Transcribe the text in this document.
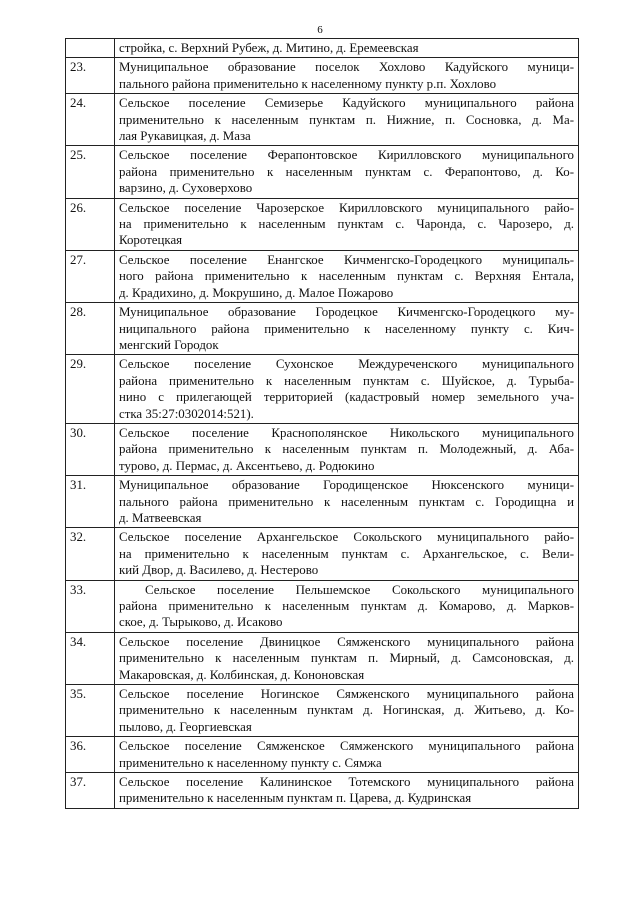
6

	стройка, с. Верхний Рубеж, д. Митино, д. Еремеевская

23.	Муниципальное образование поселок Хохлово Кадуйского муници-
пального района применительно к населенному пункту р.п. Хохлово

24.	Сельское поселение Семизерье Кадуйского муниципального района
применительно к населенным пунктам п. Нижние, п. Сосновка, д. Ма-
лая Рукавицкая, д. Маза

25.	Сельское поселение Ферапонтовское Кирилловского муниципального
района применительно к населенным пунктам с. Ферапонтово, д. Ко-
варзино, д. Суховерхово

26.	Сельское поселение Чарозерское Кирилловского муниципального райо-
на применительно к населенным пунктам с. Чаронда, с. Чарозеро, д.
Коротецкая

27.	Сельское поселение Енангское Кичменгско-Городецкого муниципаль-
ного района применительно к населенным пунктам с. Верхняя Ентала,
д. Крадихино, д. Мокрушино, д. Малое Пожарово

28.	Муниципальное образование Городецкое Кичменгско-Городецкого му-
ниципального района применительно к населенному пункту с. Кич-
менгский Городок

29.	Сельское поселение Сухонское Междуреченского муниципального
района применительно к населенным пунктам с. Шуйское, д. Турыба-
нино с прилегающей территорией (кадастровый номер земельного уча-
стка 35:27:0302014:521).

30.	Сельское поселение Краснополянское Никольского муниципального
района применительно к населенным пунктам п. Молодежный, д. Аба-
турово, д. Пермас, д. Аксентьево, д. Родюкино

31.	Муниципальное образование Городищенское Нюксенского муници-
пального района применительно к населенным пунктам с. Городищна и
д. Матвеевская

32.	Сельское поселение Архангельское Сокольского муниципального райо-
на применительно к населенным пунктам с. Архангельское, с. Вели-
кий Двор, д. Василево, д. Нестерово

33.	Сельское поселение Пельшемское Сокольского муниципального
района применительно к населенным пунктам д. Комарово, д. Марков-
ское, д. Тырыково, д. Исаково

34.	Сельское поселение Двиницкое Сямженского муниципального района
применительно к населенным пунктам п. Мирный, д. Самсоновская, д.
Макаровская, д. Колбинская, д. Кононовская

35.	Сельское поселение Ногинское Сямженского муниципального района
применительно к населенным пунктам д. Ногинская, д. Житьево, д. Ко-
пылово, д. Георгиевская

36.	Сельское поселение Сямженское Сямженского муниципального района
применительно к населенному пункту с. Сямжа

37.	Сельское поселение Калининское Тотемского муниципального района
применительно к населенным пунктам п. Царева, д. Кудринская
